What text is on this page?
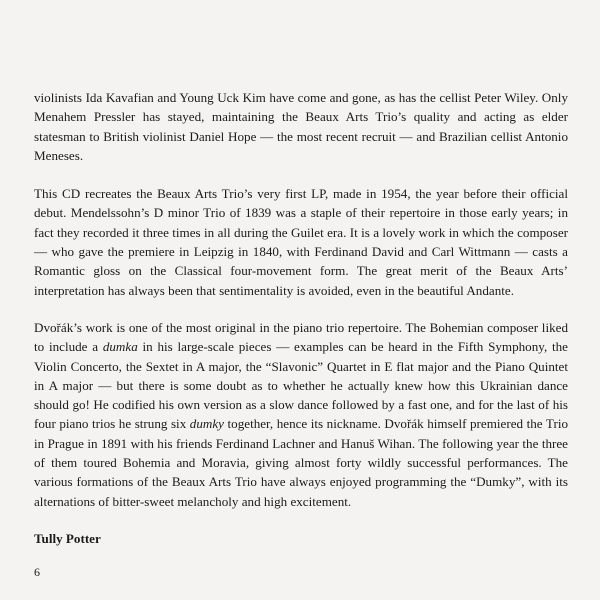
violinists Ida Kavafian and Young Uck Kim have come and gone, as has the cellist Peter Wiley. Only Menahem Pressler has stayed, maintaining the Beaux Arts Trio’s quality and acting as elder statesman to British violinist Daniel Hope — the most recent recruit — and Brazilian cellist Antonio Meneses.

This CD recreates the Beaux Arts Trio’s very first LP, made in 1954, the year before their official debut. Mendelssohn’s D minor Trio of 1839 was a staple of their repertoire in those early years; in fact they recorded it three times in all during the Guilet era. It is a lovely work in which the composer — who gave the premiere in Leipzig in 1840, with Ferdinand David and Carl Wittmann — casts a Romantic gloss on the Classical four-movement form. The great merit of the Beaux Arts’ interpretation has always been that sentimentality is avoided, even in the beautiful Andante.

Dvořák’s work is one of the most original in the piano trio repertoire. The Bohemian composer liked to include a dumka in his large-scale pieces — examples can be heard in the Fifth Symphony, the Violin Concerto, the Sextet in A major, the “Slavonic” Quartet in E flat major and the Piano Quintet in A major — but there is some doubt as to whether he actually knew how this Ukrainian dance should go! He codified his own version as a slow dance followed by a fast one, and for the last of his four piano trios he strung six dumky together, hence its nickname. Dvořák himself premiered the Trio in Prague in 1891 with his friends Ferdinand Lachner and Hanuš Wihan. The following year the three of them toured Bohemia and Moravia, giving almost forty wildly successful performances. The various formations of the Beaux Arts Trio have always enjoyed programming the “Dumky”, with its alternations of bitter-sweet melancholy and high excitement.

Tully Potter

6
